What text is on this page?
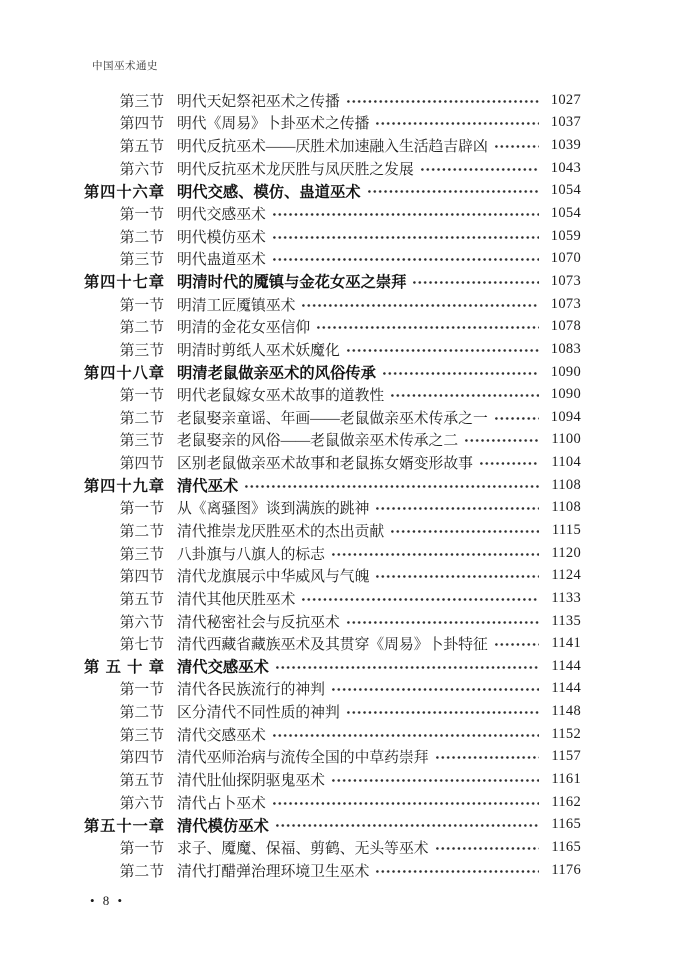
中国巫术通史
第三节 明代天妃祭祀巫术之传播	1027
第四节 明代《周易》卜卦巫术之传播	1037
第五节 明代反抗巫术——厌胜术加速融入生活趋吉辟凶	1039
第六节 明代反抗巫术龙厌胜与凤厌胜之发展	1043
第四十六章 明代交感、模仿、蛊道巫术	1054
第一节 明代交感巫术	1054
第二节 明代模仿巫术	1059
第三节 明代蛊道巫术	1070
第四十七章 明清时代的魇镇与金花女巫之崇拜	1073
第一节 明清工匠魇镇巫术	1073
第二节 明清的金花女巫信仰	1078
第三节 明清时剪纸人巫术妖魔化	1083
第四十八章 明清老鼠做亲巫术的风俗传承	1090
第一节 明代老鼠嫁女巫术故事的道教性	1090
第二节 老鼠娶亲童谣、年画——老鼠做亲巫术传承之一	1094
第三节 老鼠娶亲的风俗——老鼠做亲巫术传承之二	1100
第四节 区别老鼠做亲巫术故事和老鼠拣女婿变形故事	1104
第四十九章 清代巫术	1108
第一节 从《离骚图》谈到满族的跳神	1108
第二节 清代推崇龙厌胜巫术的杰出贡献	1115
第三节 八卦旗与八旗人的标志	1120
第四节 清代龙旗展示中华威风与气魄	1124
第五节 清代其他厌胜巫术	1133
第六节 清代秘密社会与反抗巫术	1135
第七节 清代西藏省藏族巫术及其贯穿《周易》卜卦特征	1141
第五十章 清代交感巫术	1144
第一节 清代各民族流行的神判	1144
第二节 区分清代不同性质的神判	1148
第三节 清代交感巫术	1152
第四节 清代巫师治病与流传全国的中草药崇拜	1157
第五节 清代肚仙探阴驱鬼巫术	1161
第六节 清代占卜巫术	1162
第五十一章 清代模仿巫术	1165
第一节 求子、魇魔、保福、剪鹤、无头等巫术	1165
第二节 清代打醋弹治理环境卫生巫术	1176
• 8 •
